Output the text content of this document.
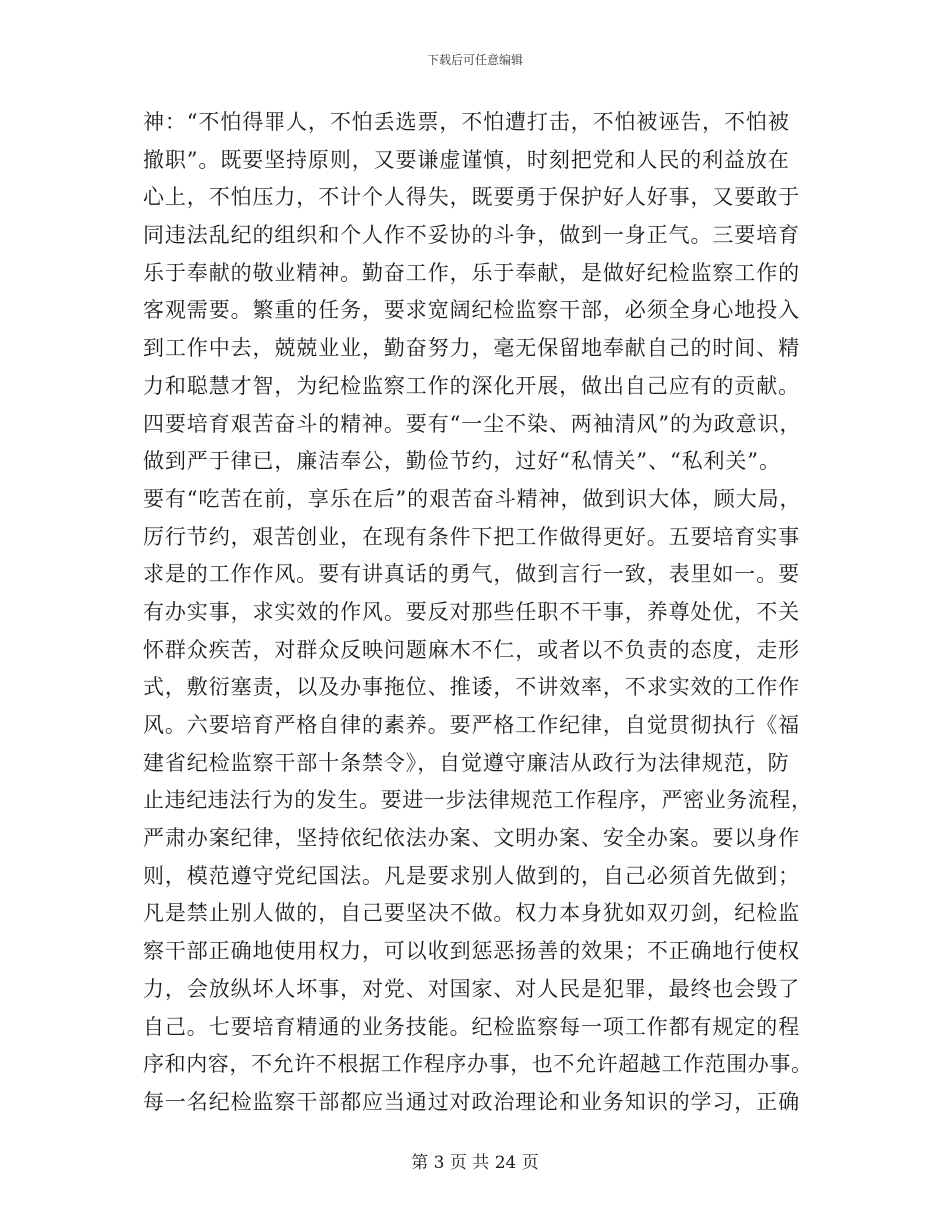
下载后可任意编辑
神：“不怕得罪人，不怕丢选票，不怕遭打击，不怕被诬告，不怕被
撤职”。既要坚持原则，又要谦虚谨慎，时刻把党和人民的利益放在
心上，不怕压力，不计个人得失，既要勇于保护好人好事，又要敢于
同违法乱纪的组织和个人作不妥协的斗争，做到一身正气。三要培育
乐于奉献的敬业精神。勤奋工作，乐于奉献，是做好纪检监察工作的
客观需要。繁重的任务，要求宽阔纪检监察干部，必须全身心地投入
到工作中去，兢兢业业，勤奋努力，毫无保留地奉献自己的时间、精
力和聪慧才智，为纪检监察工作的深化开展，做出自己应有的贡献。
四要培育艰苦奋斗的精神。要有“一尘不染、两袖清风”的为政意识，
做到严于律已，廉洁奉公，勤俭节约，过好“私情关”、“私利关”。
要有“吃苦在前，享乐在后”的艰苦奋斗精神，做到识大体，顾大局，
厉行节约，艰苦创业，在现有条件下把工作做得更好。五要培育实事
求是的工作作风。要有讲真话的勇气，做到言行一致，表里如一。要
有办实事，求实效的作风。要反对那些任职不干事，养尊处优，不关
怀群众疾苦，对群众反映问题麻木不仁，或者以不负责的态度，走形
式，敷衍塞责，以及办事拖位、推诿，不讲效率，不求实效的工作作
风。六要培育严格自律的素养。要严格工作纪律，自觉贯彻执行《福
建省纪检监察干部十条禁令》，自觉遵守廉洁从政行为法律规范，防
止违纪违法行为的发生。要进一步法律规范工作程序，严密业务流程，
严肃办案纪律，坚持依纪依法办案、文明办案、安全办案。要以身作
则，模范遵守党纪国法。凡是要求别人做到的，自己必须首先做到；
凡是禁止别人做的，自己要坚决不做。权力本身犹如双刃剑，纪检监
察干部正确地使用权力，可以收到惩恶扬善的效果；不正确地行使权
力，会放纵坏人坏事，对党、对国家、对人民是犯罪，最终也会毁了
自己。七要培育精通的业务技能。纪检监察每一项工作都有规定的程
序和内容，不允许不根据工作程序办事，也不允许超越工作范围办事。
每一名纪检监察干部都应当通过对政治理论和业务知识的学习，正确
第 3 页 共 24 页
